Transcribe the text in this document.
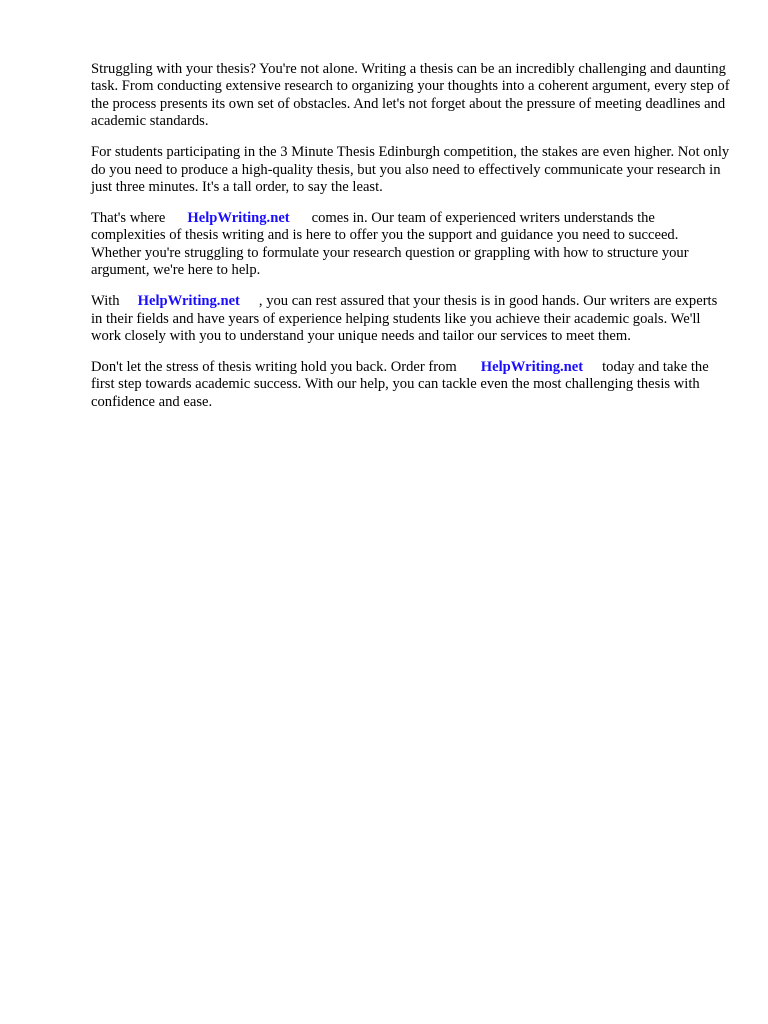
Struggling with your thesis? You're not alone. Writing a thesis can be an incredibly challenging and daunting task. From conducting extensive research to organizing your thoughts into a coherent argument, every step of the process presents its own set of obstacles. And let's not forget about the pressure of meeting deadlines and academic standards.

For students participating in the 3 Minute Thesis Edinburgh competition, the stakes are even higher. Not only do you need to produce a high-quality thesis, but you also need to effectively communicate your research in just three minutes. It's a tall order, to say the least.

That's where HelpWriting.net comes in. Our team of experienced writers understands the complexities of thesis writing and is here to offer you the support and guidance you need to succeed. Whether you're struggling to formulate your research question or grappling with how to structure your argument, we're here to help.

With HelpWriting.net , you can rest assured that your thesis is in good hands. Our writers are experts in their fields and have years of experience helping students like you achieve their academic goals. We'll work closely with you to understand your unique needs and tailor our services to meet them.

Don't let the stress of thesis writing hold you back. Order from HelpWriting.net today and take the first step towards academic success. With our help, you can tackle even the most challenging thesis with confidence and ease.
